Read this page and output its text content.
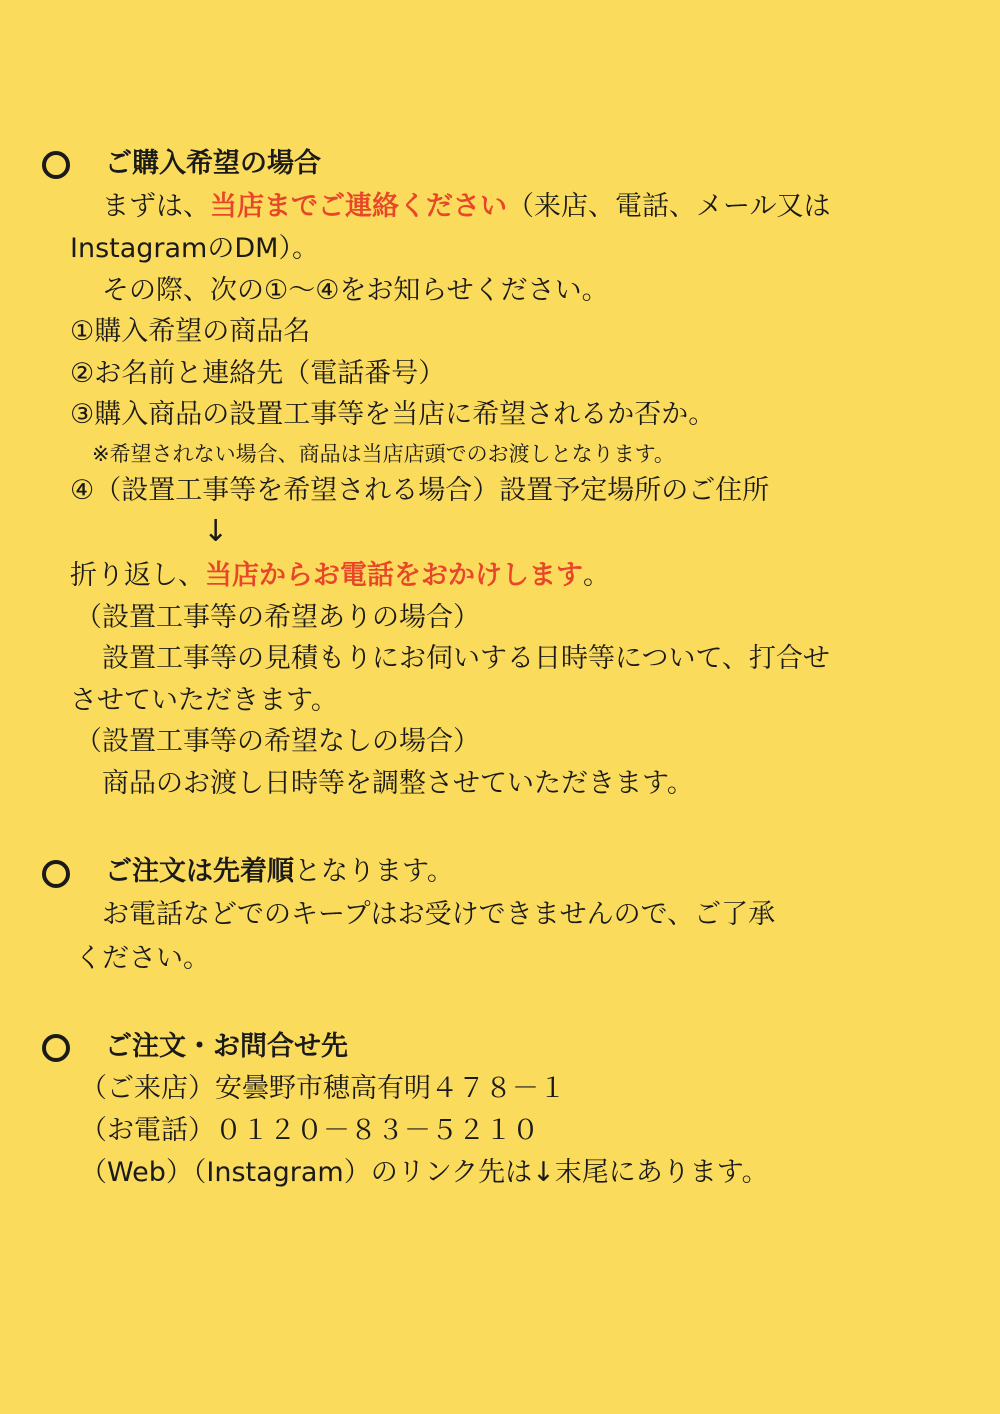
ご購入希望の場合
まずは、当店までご連絡ください（来店、電話、メール又は
InstagramのDM）。
その際、次の①～④をお知らせください。
①購入希望の商品名
②お名前と連絡先（電話番号）
③購入商品の設置工事等を当店に希望されるか否か。
※希望されない場合、商品は当店店頭でのお渡しとなります。
④（設置工事等を希望される場合）設置予定場所のご住所
↓
折り返し、当店からお電話をおかけします。
（設置工事等の希望ありの場合）
設置工事等の見積もりにお伺いする日時等について、打合せ
させていただきます。
（設置工事等の希望なしの場合）
商品のお渡し日時等を調整させていただきます。
ご注文は先着順となります。
お電話などでのキープはお受けできませんので、ご了承
ください。
ご注文・お問合せ先
（ご来店）安曇野市穂高有明４７８－１
（お電話）０１２０－８３－５２１０
（Web）（Instagram）のリンク先は↓末尾にあります。
